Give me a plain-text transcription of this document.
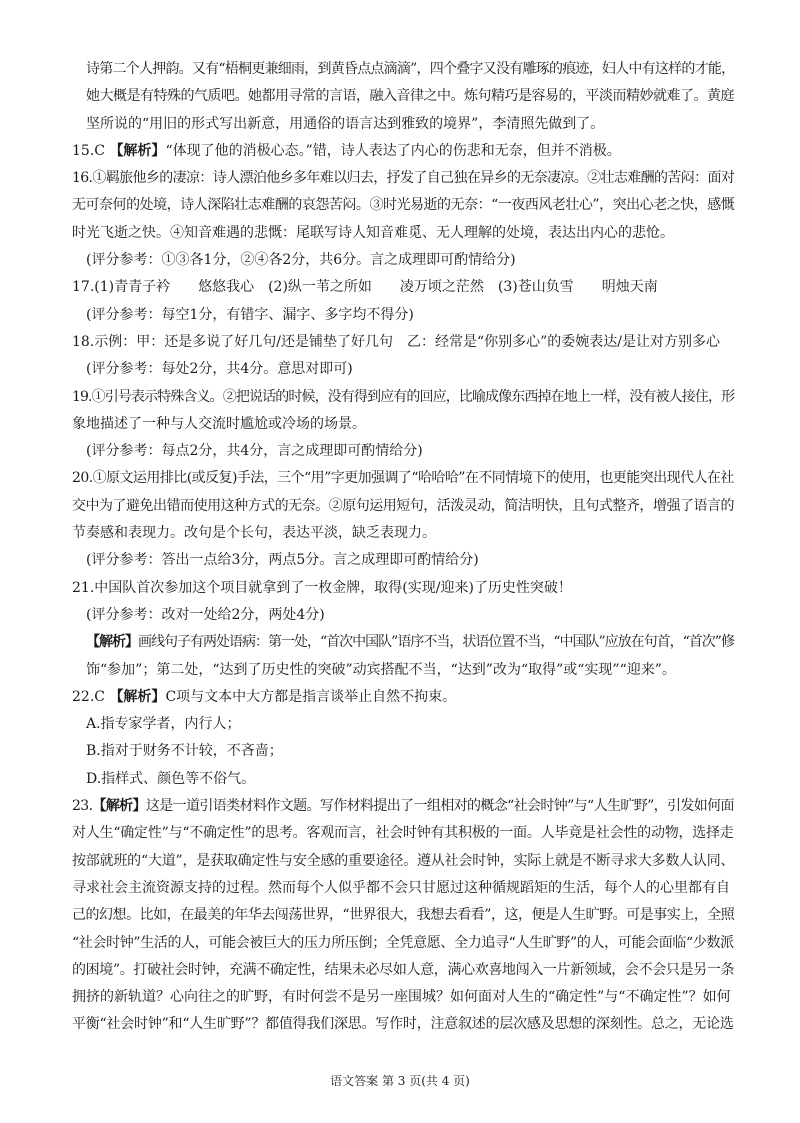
诗第二个人押韵。又有“梧桐更兼细雨，到黄昏点点滴滴”，四个叠字又没有雕琢的痕迹，妇人中有这样的才能，
她大概是有特殊的气质吧。她都用寻常的言语，融入音律之中。炼句精巧是容易的，平淡而精妙就难了。黄庭
坚所说的“用旧的形式写出新意，用通俗的语言达到雅致的境界”，李清照先做到了。
15.C 【解析】“体现了他的消极心态。”错，诗人表达了内心的伤悲和无奈，但并不消极。
16.①羁旅他乡的凄凉：诗人漂泊他乡多年难以归去，抒发了自己独在异乡的无奈凄凉。②壮志难酬的苦闷：面对
无可奈何的处境，诗人深陷壮志难酬的哀怨苦闷。③时光易逝的无奈：“一夜西风老壮心”，突出心老之快，感慨
时光飞逝之快。④知音难遇的悲慨：尾联写诗人知音难觅、无人理解的处境，表达出内心的悲怆。
(评分参考：①③各1分，②④各2分，共6分。言之成理即可酌情给分)
17.(1)青青子衿　　悠悠我心　(2)纵一苇之所如　　凌万顷之茫然　(3)苍山负雪　　明烛天南
(评分参考：每空1分，有错字、漏字、多字均不得分)
18.示例：甲：还是多说了好几句/还是铺垫了好几句　乙：经常是“你别多心”的委婉表达/是让对方别多心
(评分参考：每处2分，共4分。意思对即可)
19.①引号表示特殊含义。②把说话的时候，没有得到应有的回应，比喻成像东西掉在地上一样，没有被人接住，形
象地描述了一种与人交流时尴尬或冷场的场景。
(评分参考：每点2分，共4分，言之成理即可酌情给分)
20.①原文运用排比(或反复)手法，三个“用”字更加强调了“哈哈哈”在不同情境下的使用，也更能突出现代人在社
交中为了避免出错而使用这种方式的无奈。②原句运用短句，活泼灵动，简洁明快，且句式整齐，增强了语言的
节奏感和表现力。改句是个长句，表达平淡，缺乏表现力。
(评分参考：答出一点给3分，两点5分。言之成理即可酌情给分)
21.中国队首次参加这个项目就拿到了一枚金牌，取得(实现/迎来)了历史性突破！
(评分参考：改对一处给2分，两处4分)
【解析】画线句子有两处语病：第一处，“首次中国队”语序不当，状语位置不当，“中国队”应放在句首，“首次”修
饰“参加”；第二处，“达到了历史性的突破”动宾搭配不当，“达到”改为“取得”或“实现”“迎来”。
22.C 【解析】C项与文本中大方都是指言谈举止自然不拘束。
A.指专家学者，内行人；
B.指对于财务不计较，不吝啬；
D.指样式、颜色等不俗气。
23.【解析】这是一道引语类材料作文题。写作材料提出了一组相对的概念“社会时钟”与“人生旷野”，引发如何面
对人生“确定性”与“不确定性”的思考。客观而言，社会时钟有其积极的一面。人毕竟是社会性的动物，选择走
按部就班的“大道”，是获取确定性与安全感的重要途径。遵从社会时钟，实际上就是不断寻求大多数人认同、
寻求社会主流资源支持的过程。然而每个人似乎都不会只甘愿过这种循规蹈矩的生活，每个人的心里都有自
己的幻想。比如，在最美的年华去闯荡世界，“世界很大，我想去看看”，这，便是人生旷野。可是事实上，全照
“社会时钟”生活的人，可能会被巨大的压力所压倒；全凭意愿、全力追寻“人生旷野”的人，可能会面临“少数派
的困境”。打破社会时钟，充满不确定性，结果未必尽如人意，满心欢喜地闯入一片新领域，会不会只是另一条
拥挤的新轨道？心向往之的旷野，有时何尝不是另一座围城？如何面对人生的“确定性”与“不确定性”？如何
平衡“社会时钟”和“人生旷野”？都值得我们深思。写作时，注意叙述的层次感及思想的深刻性。总之，无论选
语文答案 第 3 页(共 4 页)
